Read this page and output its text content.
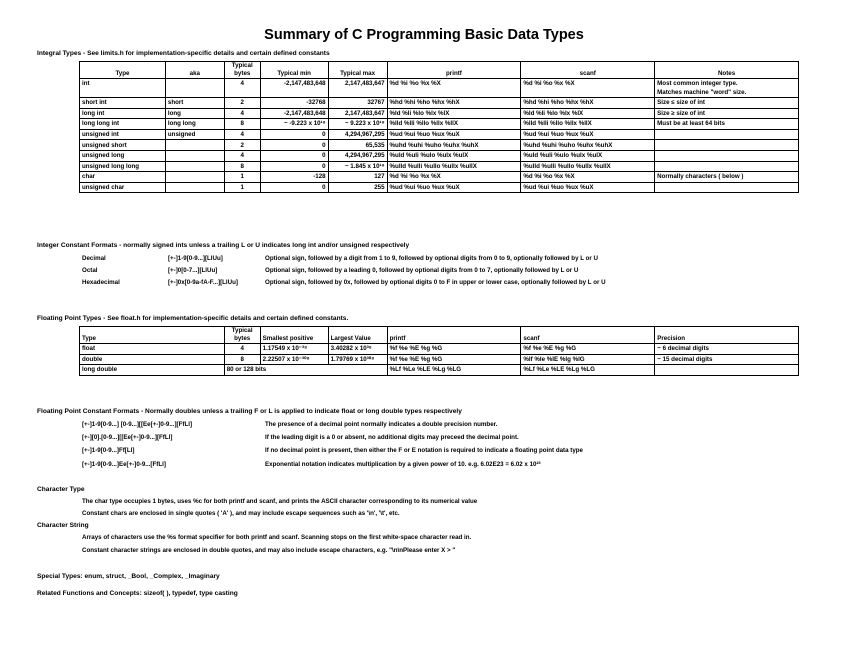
Summary of C Programming Basic Data Types
Integral Types - See limits.h for implementation-specific details and certain defined constants
Type	aka	Typical bytes	Typical min	Typical max	printf	scanf	Notes
int		4	-2,147,483,648	2,147,483,647	%d %i %o %x %X	%d %i %o %x %X	Most common integer type.
Matches machine "word" size.

short int	short	2	-32768	32767	%hd %hi %ho %hx %hX	%hd %hi %ho %hx %hX	Size ≤ size of int
long int	long	4	-2,147,483,648	2,147,483,647	%ld %li %lo %lx %lX	%ld %li %lo %lx %lX	Size ≥ size of int
long long int	long long	8	~ -9.223 x 10¹⁸	~ 9.223 x 10¹⁸	%lld %lli %llo %llx %llX	%lld %lli %llo %llx %llX	Must be at least 64 bits
unsigned int	unsigned	4	0	4,294,967,295	%ud %ui %uo %ux %uX	%ud %ui %uo %ux %uX	
unsigned short		2	0	65,535	%uhd %uhi %uho %uhx %uhX	%uhd %uhi %uho %uhx %uhX	
unsigned long		4	0	4,294,967,295	%uld %uli %ulo %ulx %ulX	%uld %uli %ulo %ulx %ulX	
unsigned long long		8	0	~ 1.845 x 10¹⁹	%ulld %ulli %ullo %ullx %ullX	%ulld %ulli %ullo %ullx %ullX	
char		1	-128	127	%d %i %o %x %X	%d %i %o %x %X	Normally characters ( below )
unsigned char		1	0	255	%ud %ui %uo %ux %uX	%ud %ui %uo %ux %uX	
Integer Constant Formats - normally signed ints unless a trailing L or U indicates long int and/or unsigned respectively
Decimal	[+-]1-9[0-9...][LlUu]	Optional sign, followed by a digit from 1 to 9, followed by optional digits from 0 to 9, optionally followed by L or U
Octal	[+-]0[0-7...][LlUu]	Optional sign, followed by a leading 0, followed by optional digits from 0 to 7, optionally followed by L or U
Hexadecimal	[+-]0x[0-9a-fA-F...][LlUu]	Optional sign, followed by 0x, followed by optional digits 0 to F in upper or lower case, optionally followed by L or U
Floating Point Types - See float.h for implementation-specific details and certain defined constants.
Type	Typical bytes	Smallest positive	Largest Value	printf	scanf	Precision
float	4	1.17549 x 10⁻³⁸	3.40282 x 10³⁸	%f %e %E %g %G	%f %e %E %g %G	~ 6 decimal digits
double	8	2.22507 x 10⁻³⁰⁸	1.79769 x 10³⁰⁸	%f %e %E %g %G	%lf %le %lE %lg %lG	~ 15 decimal digits
long double	80 or 128 bits			%Lf %Le %LE %Lg %LG	%Lf %Le %LE %Lg %LG	
Floating Point Constant Formats - Normally doubles unless a trailing F or L is applied to indicate float or long double types respectively
[+-]1-9[0-9...] [0-9...][[Ee[+-]0-9...][FfLl]	The presence of a decimal point normally indicates a double precision number.
[+-][0].[0-9...][[Ee[+-]0-9...][FfLl]	If the leading digit is a 0 or absent, no additional digits may preceed the decimal point.
[+-]1-9[0-9...]Ff[Ll]	If no decimal point is present, then either the F or E notation is required to indicate a floating point data type
[+-]1-9[0-9...]Ee[+-]0-9...[FfLl]	Exponential notation indicates multiplication by a given power of 10. e.g. 6.02E23 = 6.02 x 10²³
Character Type
The char type occupies 1 bytes, uses %c for both printf and scanf, and prints the ASCII character corresponding to its numerical value
Constant chars are enclosed in single quotes ( 'A' ), and may include escape sequences such as '\n', '\t', etc.
Character String
Arrays of characters use the %s format specifier for both printf and scanf. Scanning stops on the first white-space character read in.
Constant character strings are enclosed in double quotes, and may also include escape characters, e.g. "\n\nPlease enter X > "
Special Types: enum, struct, _Bool, _Complex, _Imaginary
Related Functions and Concepts: sizeof( ), typedef, type casting
